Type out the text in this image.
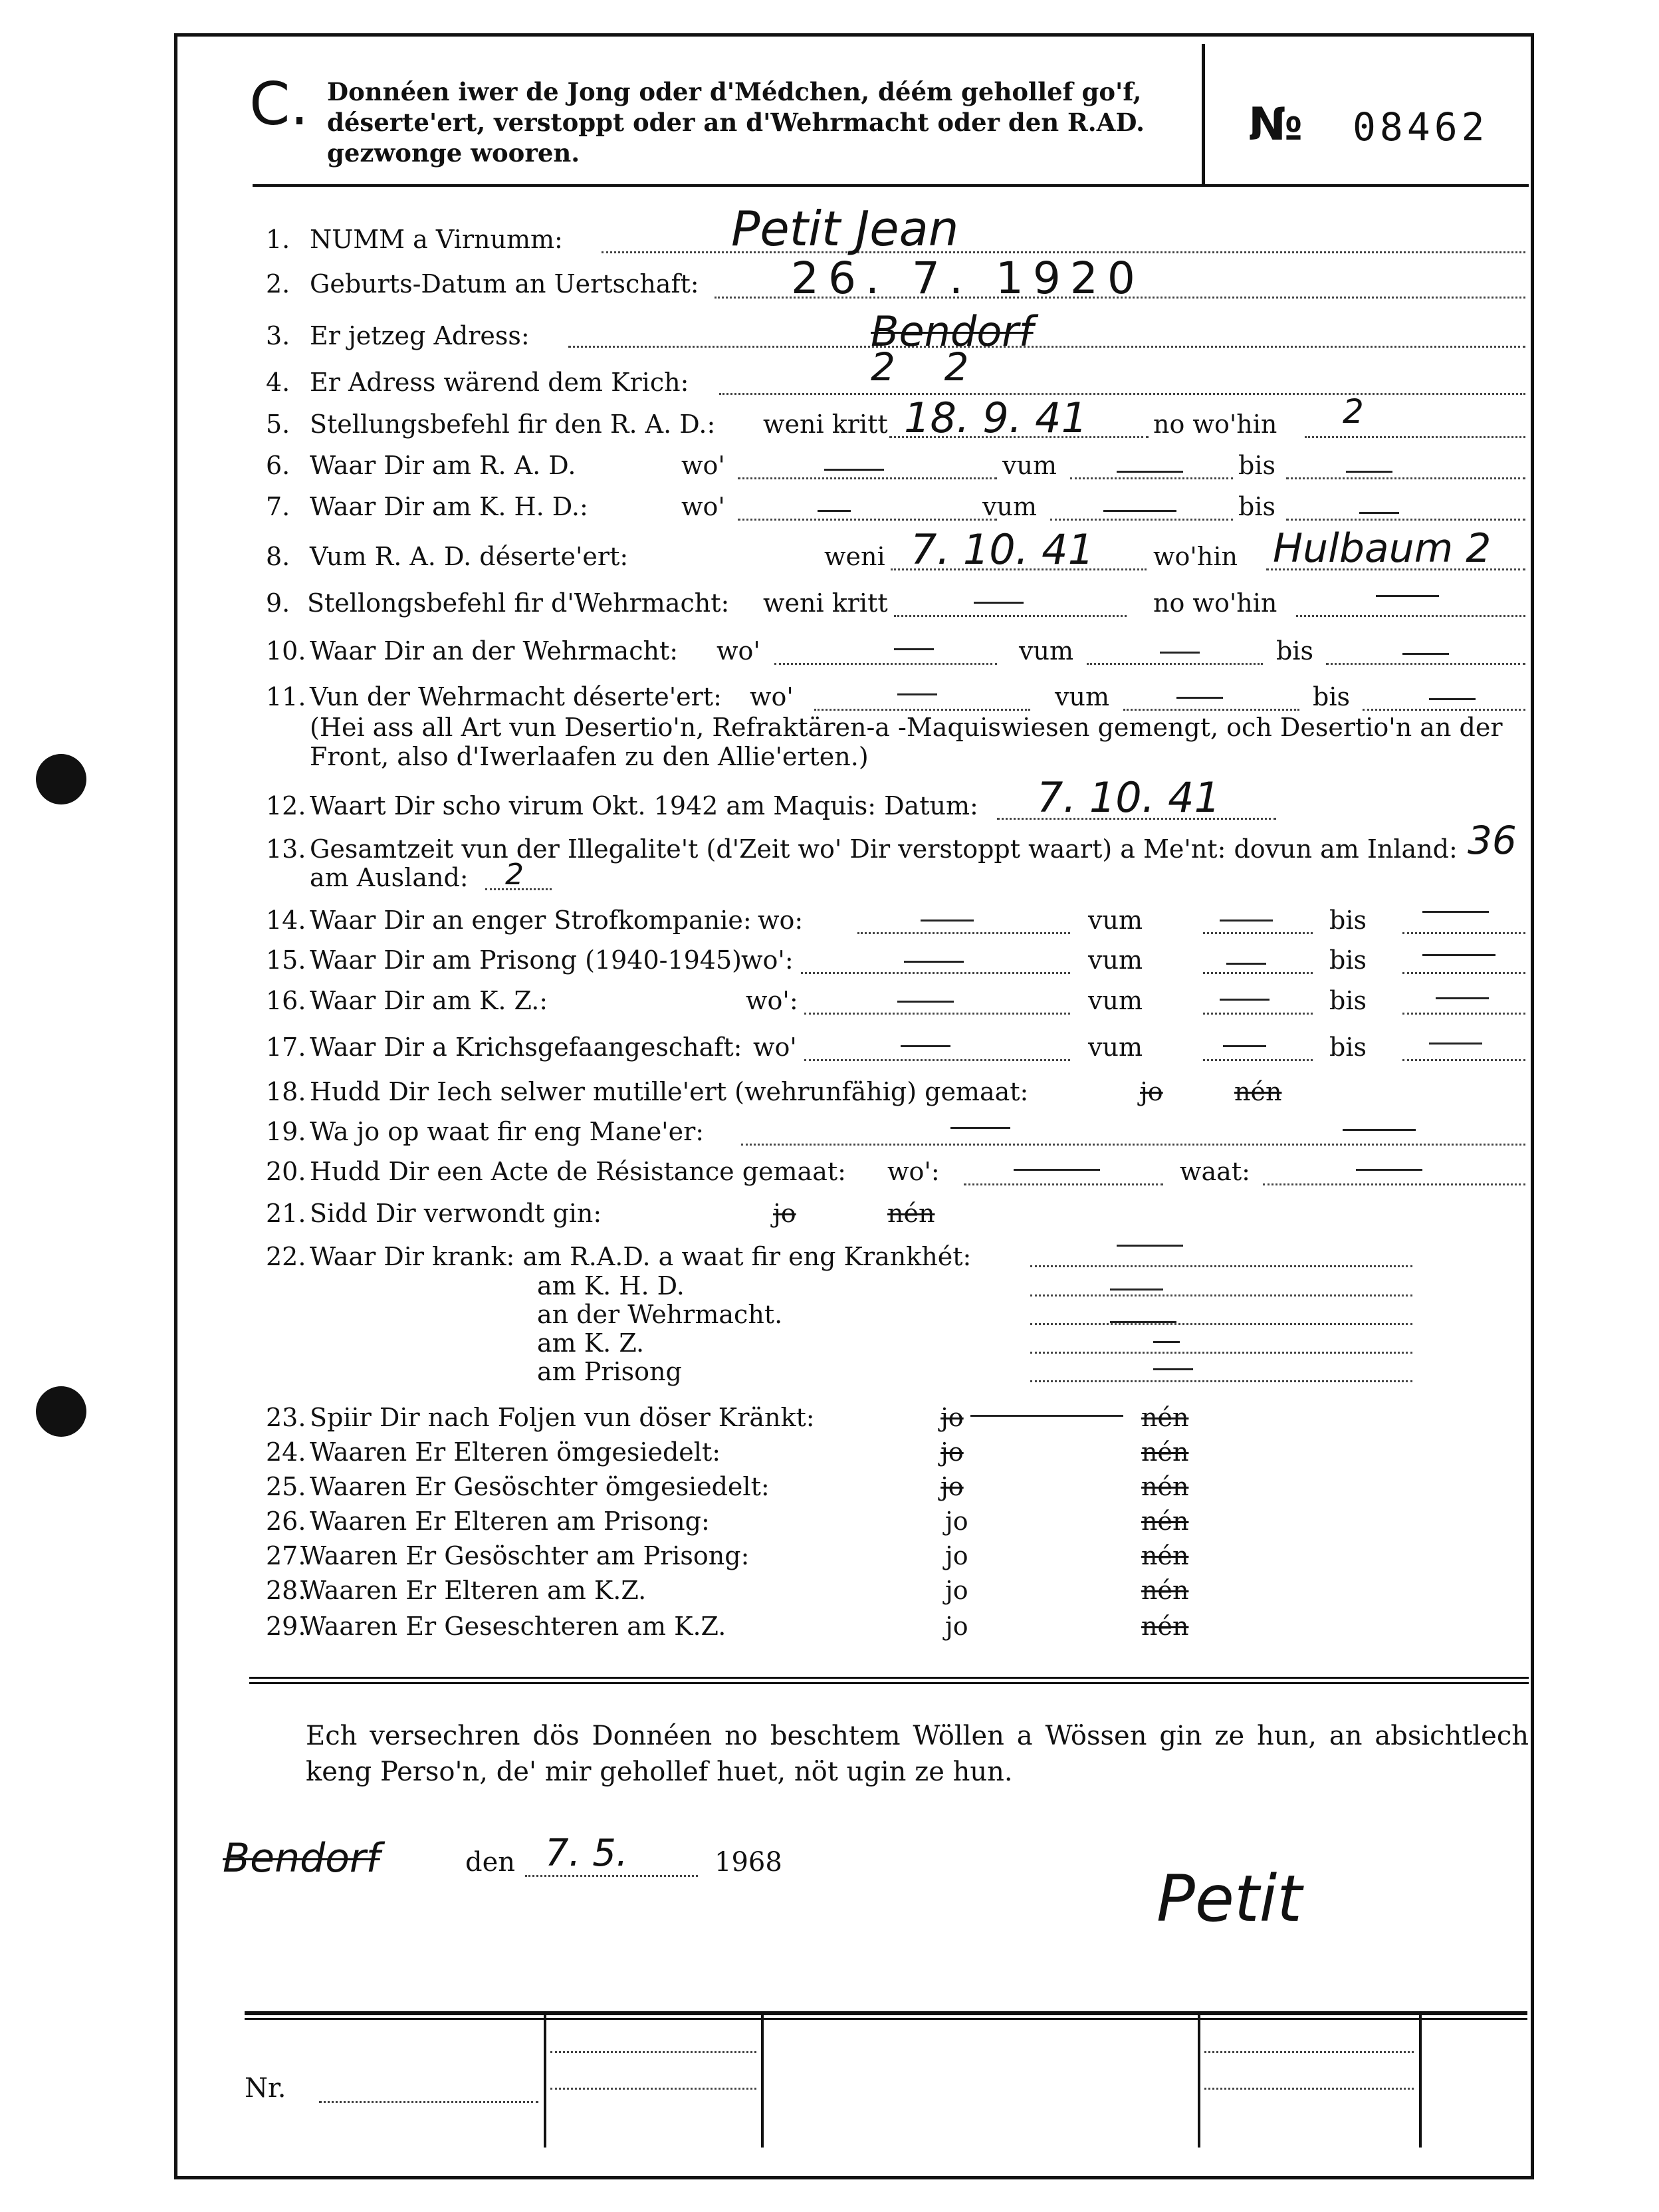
C. Donnéen iwer de Jong oder d'Médchen, déém gehollef go'f, déserte'ert, verstoppt oder an d'Wehrmacht oder den R.AD. gezwonge wooren.
№ 08462
1. NUMM a Virnumm:	Petit Jean
2. Geburts-Datum an Uertschaft: 26. 7. 1920
3. Er jetzeg Adress:	Bendorf
4. Er Adress wärend dem Krich:	2    2
5. Stellungsbefehl fir den R. A. D.: weni kritt 18. 9. 41	no wo'hin 2
6. Waar Dir am R. A. D.	wo'	vum	bis
7. Waar Dir am K. H. D.:	wo'	vum	bis
8. Vum R. A. D. déserte'ert:	weni 7. 10. 41 wo'hin Hulbaum 2
9. Stellongsbefehl fir d'Wehrmacht: weni kritt	no wo'hin
10. Waar Dir an der Wehrmacht: wo'	vum	bis
11. Vun der Wehrmacht déserte'ert: wo'	vum	bis
(Hei ass all Art vun Desertio'n, Refraktären-a -Maquiswiesen gemengt, och Desertio'n an der
Front, also d'Iwerlaafen zu den Allie'erten.)
12. Waart Dir scho virum Okt. 1942 am Maquis: Datum: 7. 10. 41
13. Gesamtzeit vun der Illegalite't (d'Zeit wo' Dir verstoppt waart) a Me'nt: dovun am Inland: 36
am Ausland: 2
14. Waar Dir an enger Strofkompanie: wo:	vum	bis
15. Waar Dir am Prisong (1940-1945) wo':	vum	bis
16. Waar Dir am K. Z.:	wo':	vum	bis
17. Waar Dir a Krichsgefaangeschaft: wo'	vum	bis
18. Hudd Dir Iech selwer mutille'ert (wehrunfähig) gemaat:	jo	nén
19. Wa jo op waat fir eng Mane'er:
20. Hudd Dir een Acte de Résistance gemaat: wo':	waat:
21. Sidd Dir verwondt gin:	jo	nén
22. Waar Dir krank: am R.A.D. a waat fir eng Krankhét:
am K. H. D.
an der Wehrmacht.
am K. Z.
am Prisong
23. Spiir Dir nach Foljen vun döser Kränkt:	jo	nén
24. Waaren Er Elteren ömgesiedelt:	jo	nén
25. Waaren Er Gesöschter ömgesiedelt:	jo	nén
26. Waaren Er Elteren am Prisong:	jo	nén
27.
Waaren Er Gesöschter am Prisong:	jo	nén
28.
Waaren Er Elteren am K.Z.	jo	nén
29.
Waaren Er Geseschteren am K.Z.	jo	nén
Ech versechren dös Donnéen no beschtem Wöllen a Wössen gin ze hun, an absichtlech keng Perso'n, de' mir gehollef huet, nöt ugin ze hun.
Bendorf	den 7. 5.	1968	Petit
Nr.
